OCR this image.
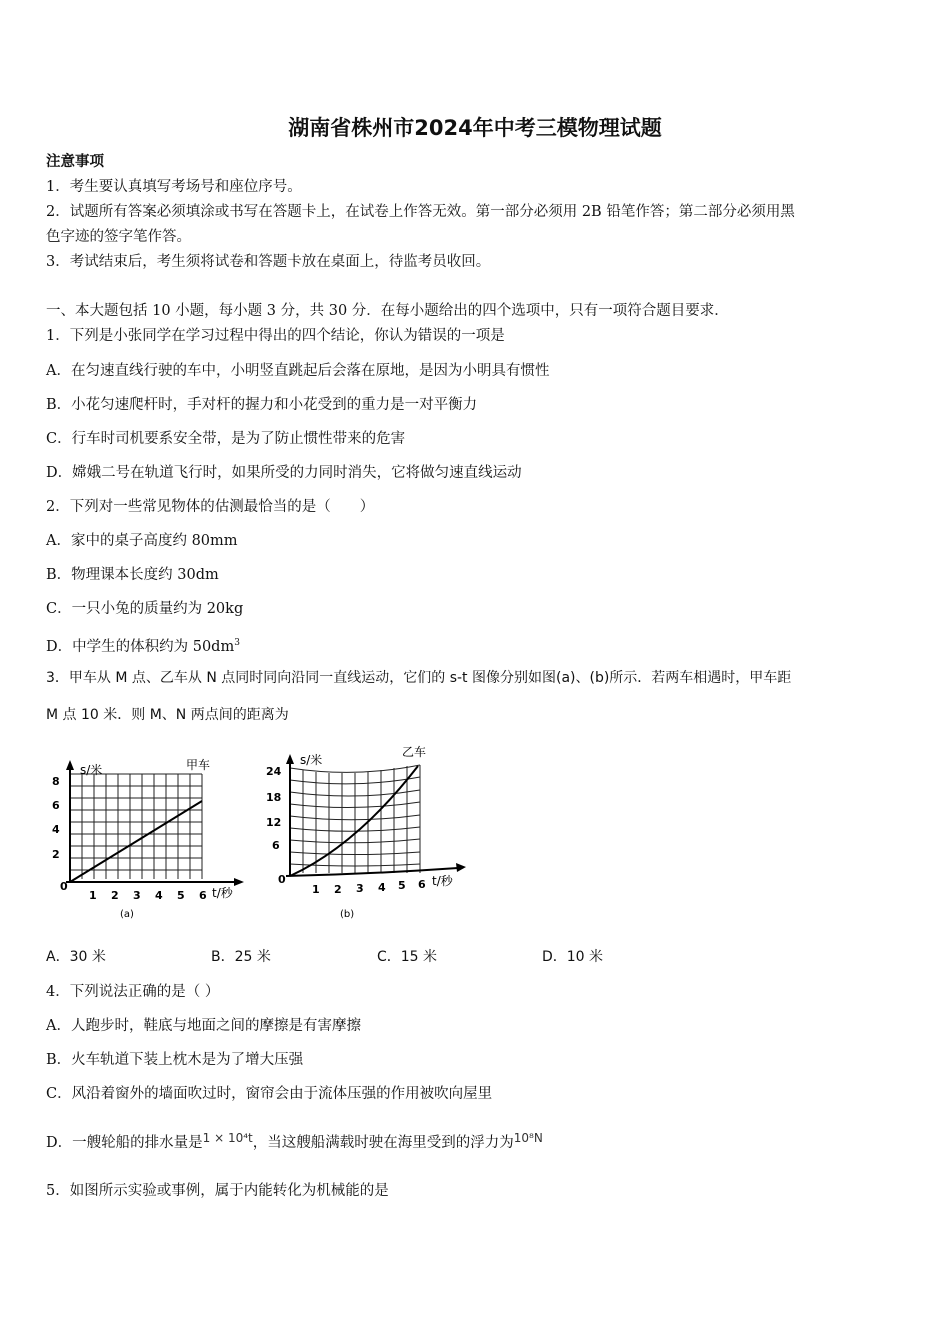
湖南省株州市2024年中考三模物理试题
注意事项
1．考生要认真填写考场号和座位序号。
2．试题所有答案必须填涂或书写在答题卡上，在试卷上作答无效。第一部分必须用 2B 铅笔作答；第二部分必须用黑
色字迹的签字笔作答。
3．考试结束后，考生须将试卷和答题卡放在桌面上，待监考员收回。
一、本大题包括 10 小题，每小题 3 分，共 30 分．在每小题给出的四个选项中，只有一项符合题目要求．
1．下列是小张同学在学习过程中得出的四个结论，你认为错误的一项是
A．在匀速直线行驶的车中，小明竖直跳起后会落在原地，是因为小明具有惯性
B．小花匀速爬杆时，手对杆的握力和小花受到的重力是一对平衡力
C．行车时司机要系安全带，是为了防止惯性带来的危害
D．嫦娥二号在轨道飞行时，如果所受的力同时消失，它将做匀速直线运动
2．下列对一些常见物体的估测最恰当的是（　　）
A．家中的桌子高度约 80mm
B．物理课本长度约 30dm
C．一只小兔的质量约为 20kg
D．中学生的体积约为 $50dm^3$
3．甲车从 M 点、乙车从 N 点同时同向沿同一直线运动，它们的 s-t 图像分别如图(a)、(b)所示．若两车相遇时，甲车距
M 点 10 米．则 M、N 两点间的距离为
s/米	甲车
8
6
4
2
0
1 2 3 4 5 6 t/秒
(a)
s/米
乙车
24
18
12
6
0
1 2 3 4 5 6 t/秒
(b)
A．30 米	B．25 米	C．15 米	D．10 米
4．下列说法正确的是（ ）
A．人跑步时，鞋底与地面之间的摩擦是有害摩擦
B．火车轨道下装上枕木是为了增大压强
C．风沿着窗外的墙面吹过时，窗帘会由于流体压强的作用被吹向屋里
D．一艘轮船的排水量是$^{1 \times 10^4t}$，当这艘船满载时驶在海里受到的浮力为$^{10^8N}$
5．如图所示实验或事例，属于内能转化为机械能的是
